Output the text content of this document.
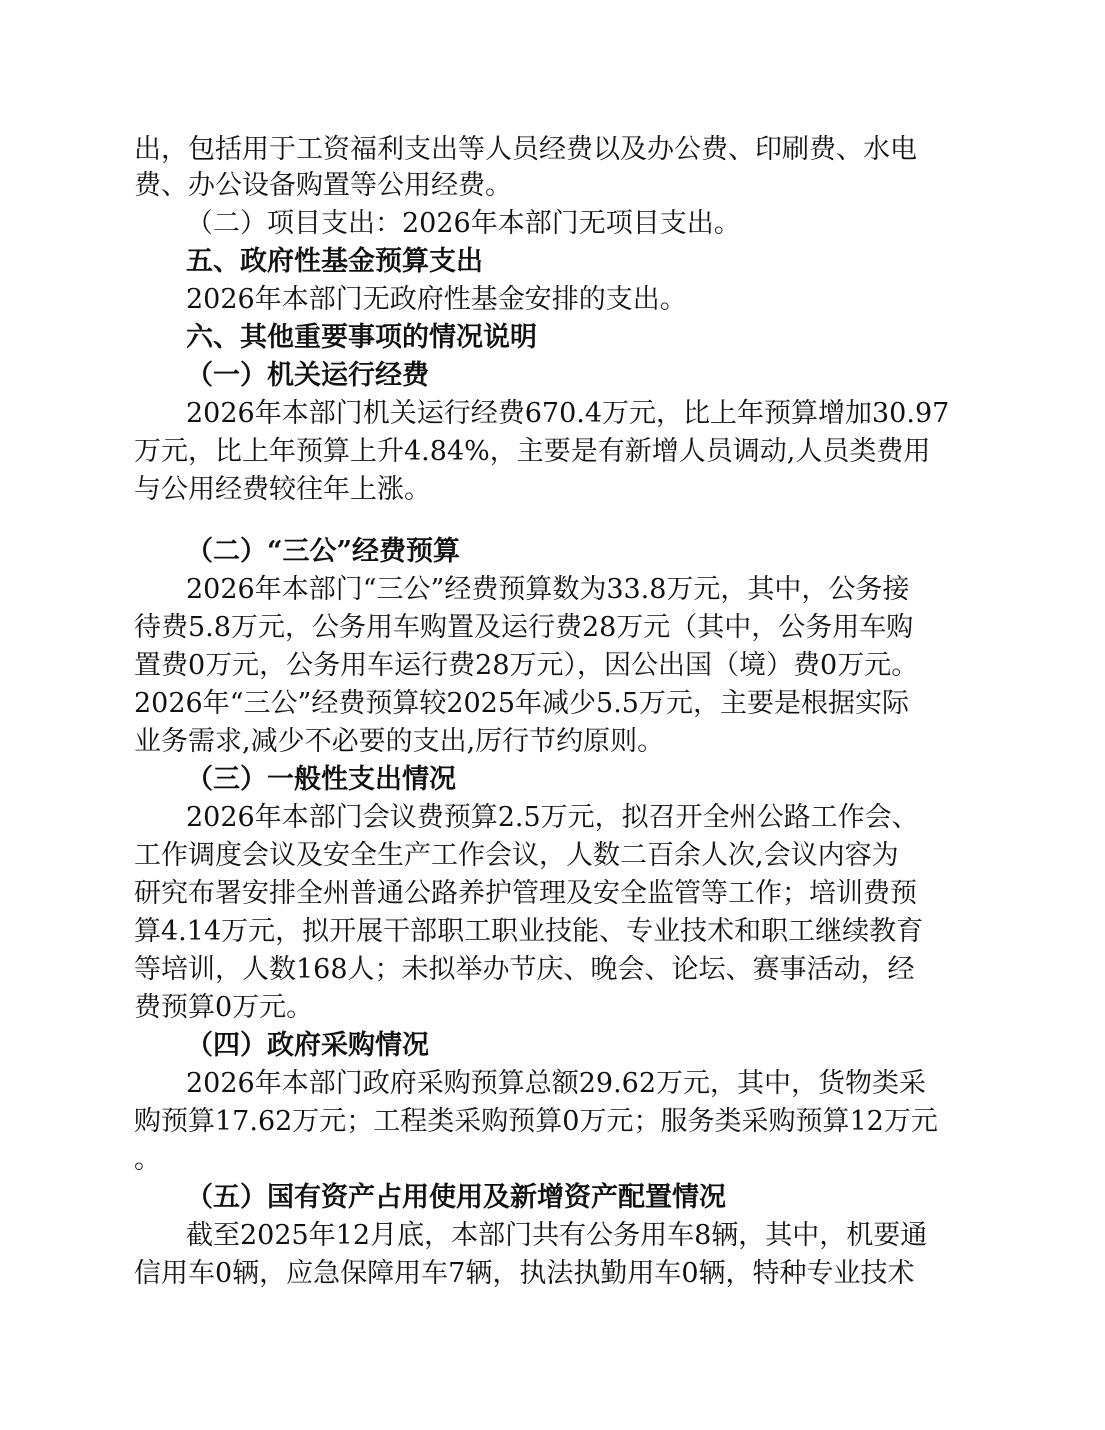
出，包括用于工资福利支出等人员经费以及办公费、印刷费、水电
费、办公设备购置等公用经费。
（二）项目支出：2026年本部门无项目支出。
五、政府性基金预算支出
2026年本部门无政府性基金安排的支出。
六、其他重要事项的情况说明
（一）机关运行经费
2026年本部门机关运行经费670.4万元，比上年预算增加30.97
万元，比上年预算上升4.84%，主要是有新增人员调动,人员类费用
与公用经费较往年上涨。
（二）“三公”经费预算
2026年本部门“三公”经费预算数为33.8万元，其中，公务接
待费5.8万元，公务用车购置及运行费28万元（其中，公务用车购
置费0万元，公务用车运行费28万元），因公出国（境）费0万元。
2026年“三公”经费预算较2025年减少5.5万元，主要是根据实际
业务需求,减少不必要的支出,厉行节约原则。
（三）一般性支出情况
2026年本部门会议费预算2.5万元，拟召开全州公路工作会、
工作调度会议及安全生产工作会议，人数二百余人次,会议内容为
研究布署安排全州普通公路养护管理及安全监管等工作；培训费预
算4.14万元，拟开展干部职工职业技能、专业技术和职工继续教育
等培训，人数168人；未拟举办节庆、晚会、论坛、赛事活动，经
费预算0万元。
（四）政府采购情况
2026年本部门政府采购预算总额29.62万元，其中，货物类采
购预算17.62万元；工程类采购预算0万元；服务类采购预算12万元
。
（五）国有资产占用使用及新增资产配置情况
截至2025年12月底，本部门共有公务用车8辆，其中，机要通
信用车0辆，应急保障用车7辆，执法执勤用车0辆，特种专业技术
